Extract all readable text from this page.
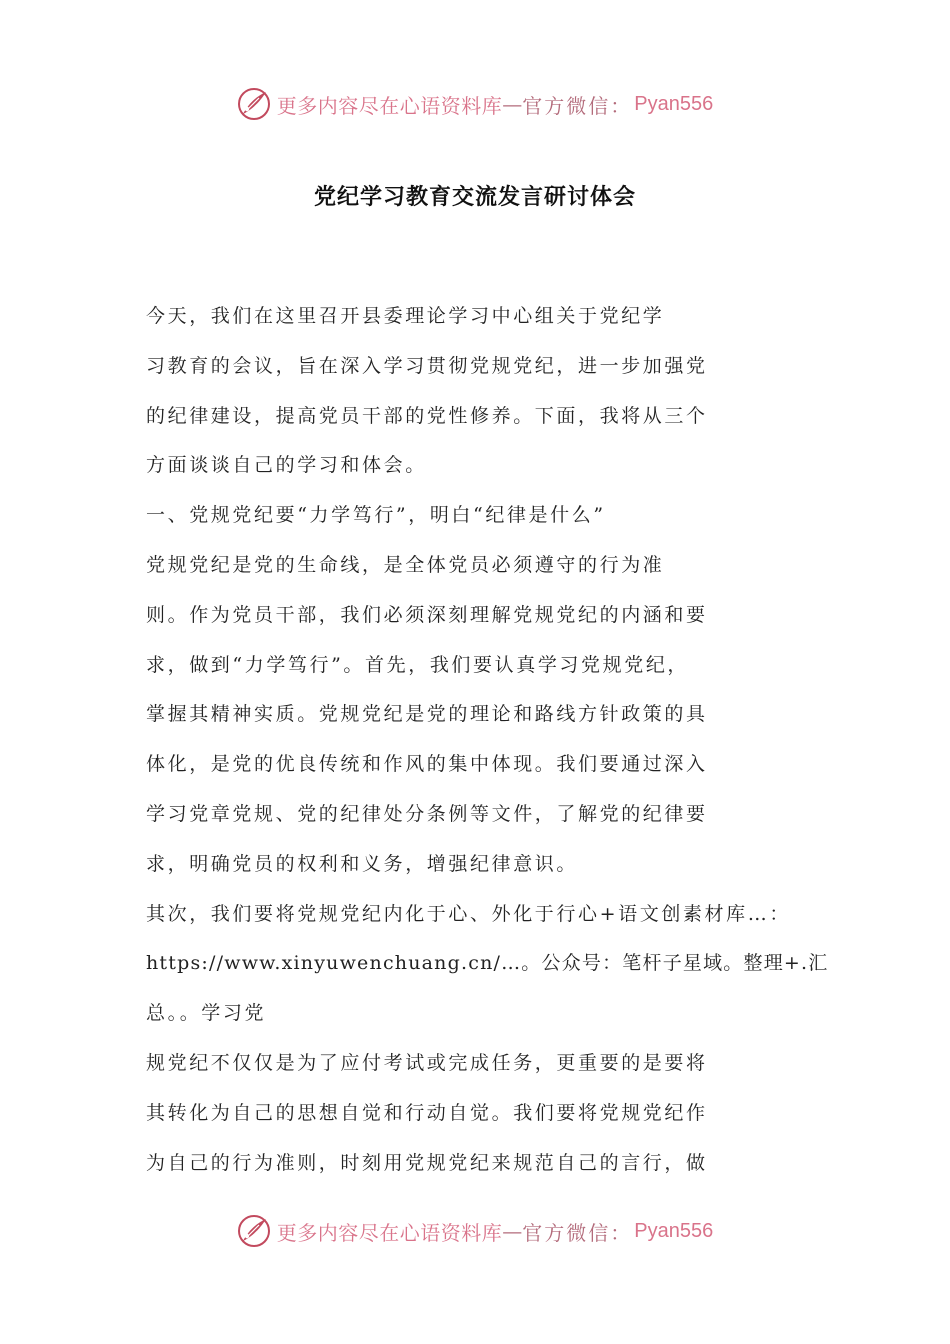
更多内容尽在心语资料库 — 官方微信： Pyan556
党纪学习教育交流发言研讨体会
今天，我们在这里召开县委理论学习中心组关于党纪学
习教育的会议，旨在深入学习贯彻党规党纪，进一步加强党
的纪律建设，提高党员干部的党性修养。下面，我将从三个
方面谈谈自己的学习和体会。
一、党规党纪要“力学笃行”，明白“纪律是什么”
党规党纪是党的生命线，是全体党员必须遵守的行为准
则。作为党员干部，我们必须深刻理解党规党纪的内涵和要
求，做到“力学笃行”。首先，我们要认真学习党规党纪，
掌握其精神实质。党规党纪是党的理论和路线方针政策的具
体化，是党的优良传统和作风的集中体现。我们要通过深入
学习党章党规、党的纪律处分条例等文件，了解党的纪律要
求，明确党员的权利和义务，增强纪律意识。
其次，我们要将党规党纪内化于心、外化于行心+语文创素材库…：
https://www.xinyuwenchuang.cn/…。公众号：笔杆子星域。整理+.汇
总。。学习党
规党纪不仅仅是为了应付考试或完成任务，更重要的是要将
其转化为自己的思想自觉和行动自觉。我们要将党规党纪作
为自己的行为准则，时刻用党规党纪来规范自己的言行，做
更多内容尽在心语资料库 — 官方微信： Pyan556
